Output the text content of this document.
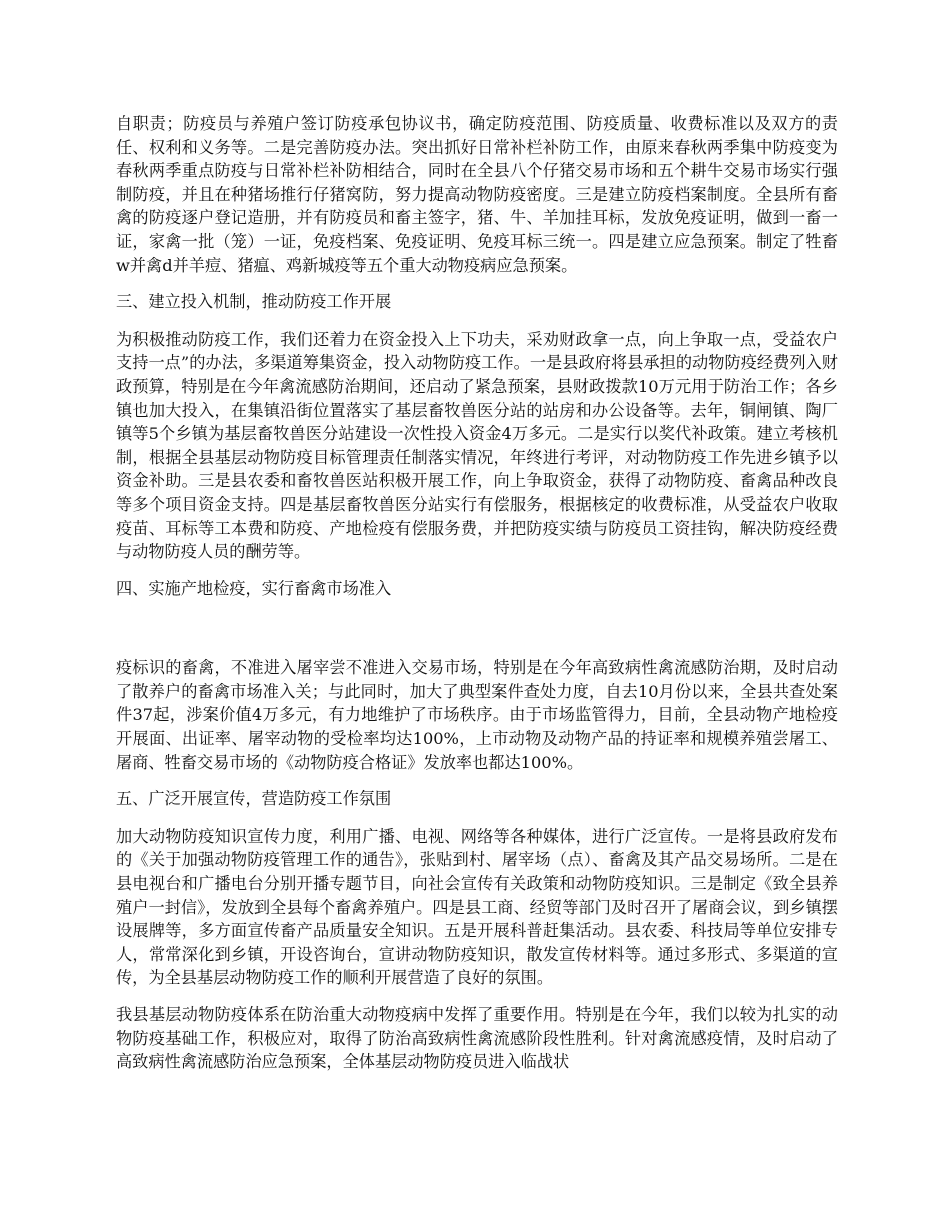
自职责；防疫员与养殖户签订防疫承包协议书，确定防疫范围、防疫质量、收费标准以及双方的责任、权利和义务等。二是完善防疫办法。突出抓好日常补栏补防工作，由原来春秋两季集中防疫变为春秋两季重点防疫与日常补栏补防相结合，同时在全县八个仔猪交易市场和五个耕牛交易市场实行强制防疫，并且在种猪场推行仔猪窝防，努力提高动物防疫密度。三是建立防疫档案制度。全县所有畜禽的防疫逐户登记造册，并有防疫员和畜主签字，猪、牛、羊加挂耳标，发放免疫证明，做到一畜一证，家禽一批（笼）一证，免疫档案、免疫证明、免疫耳标三统一。四是建立应急预案。制定了牲畜w并禽d并羊痘、猪瘟、鸡新城疫等五个重大动物疫病应急预案。

三、建立投入机制，推动防疫工作开展

为积极推动防疫工作，我们还着力在资金投入上下功夫，采劝财政拿一点，向上争取一点，受益农户支持一点”的办法，多渠道筹集资金，投入动物防疫工作。一是县政府将县承担的动物防疫经费列入财政预算，特别是在今年禽流感防治期间，还启动了紧急预案，县财政拨款10万元用于防治工作；各乡镇也加大投入，在集镇沿街位置落实了基层畜牧兽医分站的站房和办公设备等。去年，铜闸镇、陶厂镇等5个乡镇为基层畜牧兽医分站建设一次性投入资金4万多元。二是实行以奖代补政策。建立考核机制，根据全县基层动物防疫目标管理责任制落实情况，年终进行考评，对动物防疫工作先进乡镇予以资金补助。三是县农委和畜牧兽医站积极开展工作，向上争取资金，获得了动物防疫、畜禽品种改良等多个项目资金支持。四是基层畜牧兽医分站实行有偿服务，根据核定的收费标准，从受益农户收取疫苗、耳标等工本费和防疫、产地检疫有偿服务费，并把防疫实绩与防疫员工资挂钩，解决防疫经费与动物防疫人员的酬劳等。

四、实施产地检疫，实行畜禽市场准入

疫标识的畜禽，不准进入屠宰尝不准进入交易市场，特别是在今年高致病性禽流感防治期，及时启动了散养户的畜禽市场准入关；与此同时，加大了典型案件查处力度，自去10月份以来，全县共查处案件37起，涉案价值4万多元，有力地维护了市场秩序。由于市场监管得力，目前，全县动物产地检疫开展面、出证率、屠宰动物的受检率均达100%，上市动物及动物产品的持证率和规模养殖尝屠工、屠商、牲畜交易市场的《动物防疫合格证》发放率也都达100%。

五、广泛开展宣传，营造防疫工作氛围

加大动物防疫知识宣传力度，利用广播、电视、网络等各种媒体，进行广泛宣传。一是将县政府发布的《关于加强动物防疫管理工作的通告》，张贴到村、屠宰场（点）、畜禽及其产品交易场所。二是在县电视台和广播电台分别开播专题节目，向社会宣传有关政策和动物防疫知识。三是制定《致全县养殖户一封信》，发放到全县每个畜禽养殖户。四是县工商、经贸等部门及时召开了屠商会议，到乡镇摆设展牌等，多方面宣传畜产品质量安全知识。五是开展科普赶集活动。县农委、科技局等单位安排专人，常常深化到乡镇，开设咨询台，宣讲动物防疫知识，散发宣传材料等。通过多形式、多渠道的宣传，为全县基层动物防疫工作的顺利开展营造了良好的氛围。

我县基层动物防疫体系在防治重大动物疫病中发挥了重要作用。特别是在今年，我们以较为扎实的动物防疫基础工作，积极应对，取得了防治高致病性禽流感阶段性胜利。针对禽流感疫情，及时启动了高致病性禽流感防治应急预案，全体基层动物防疫员进入临战状
